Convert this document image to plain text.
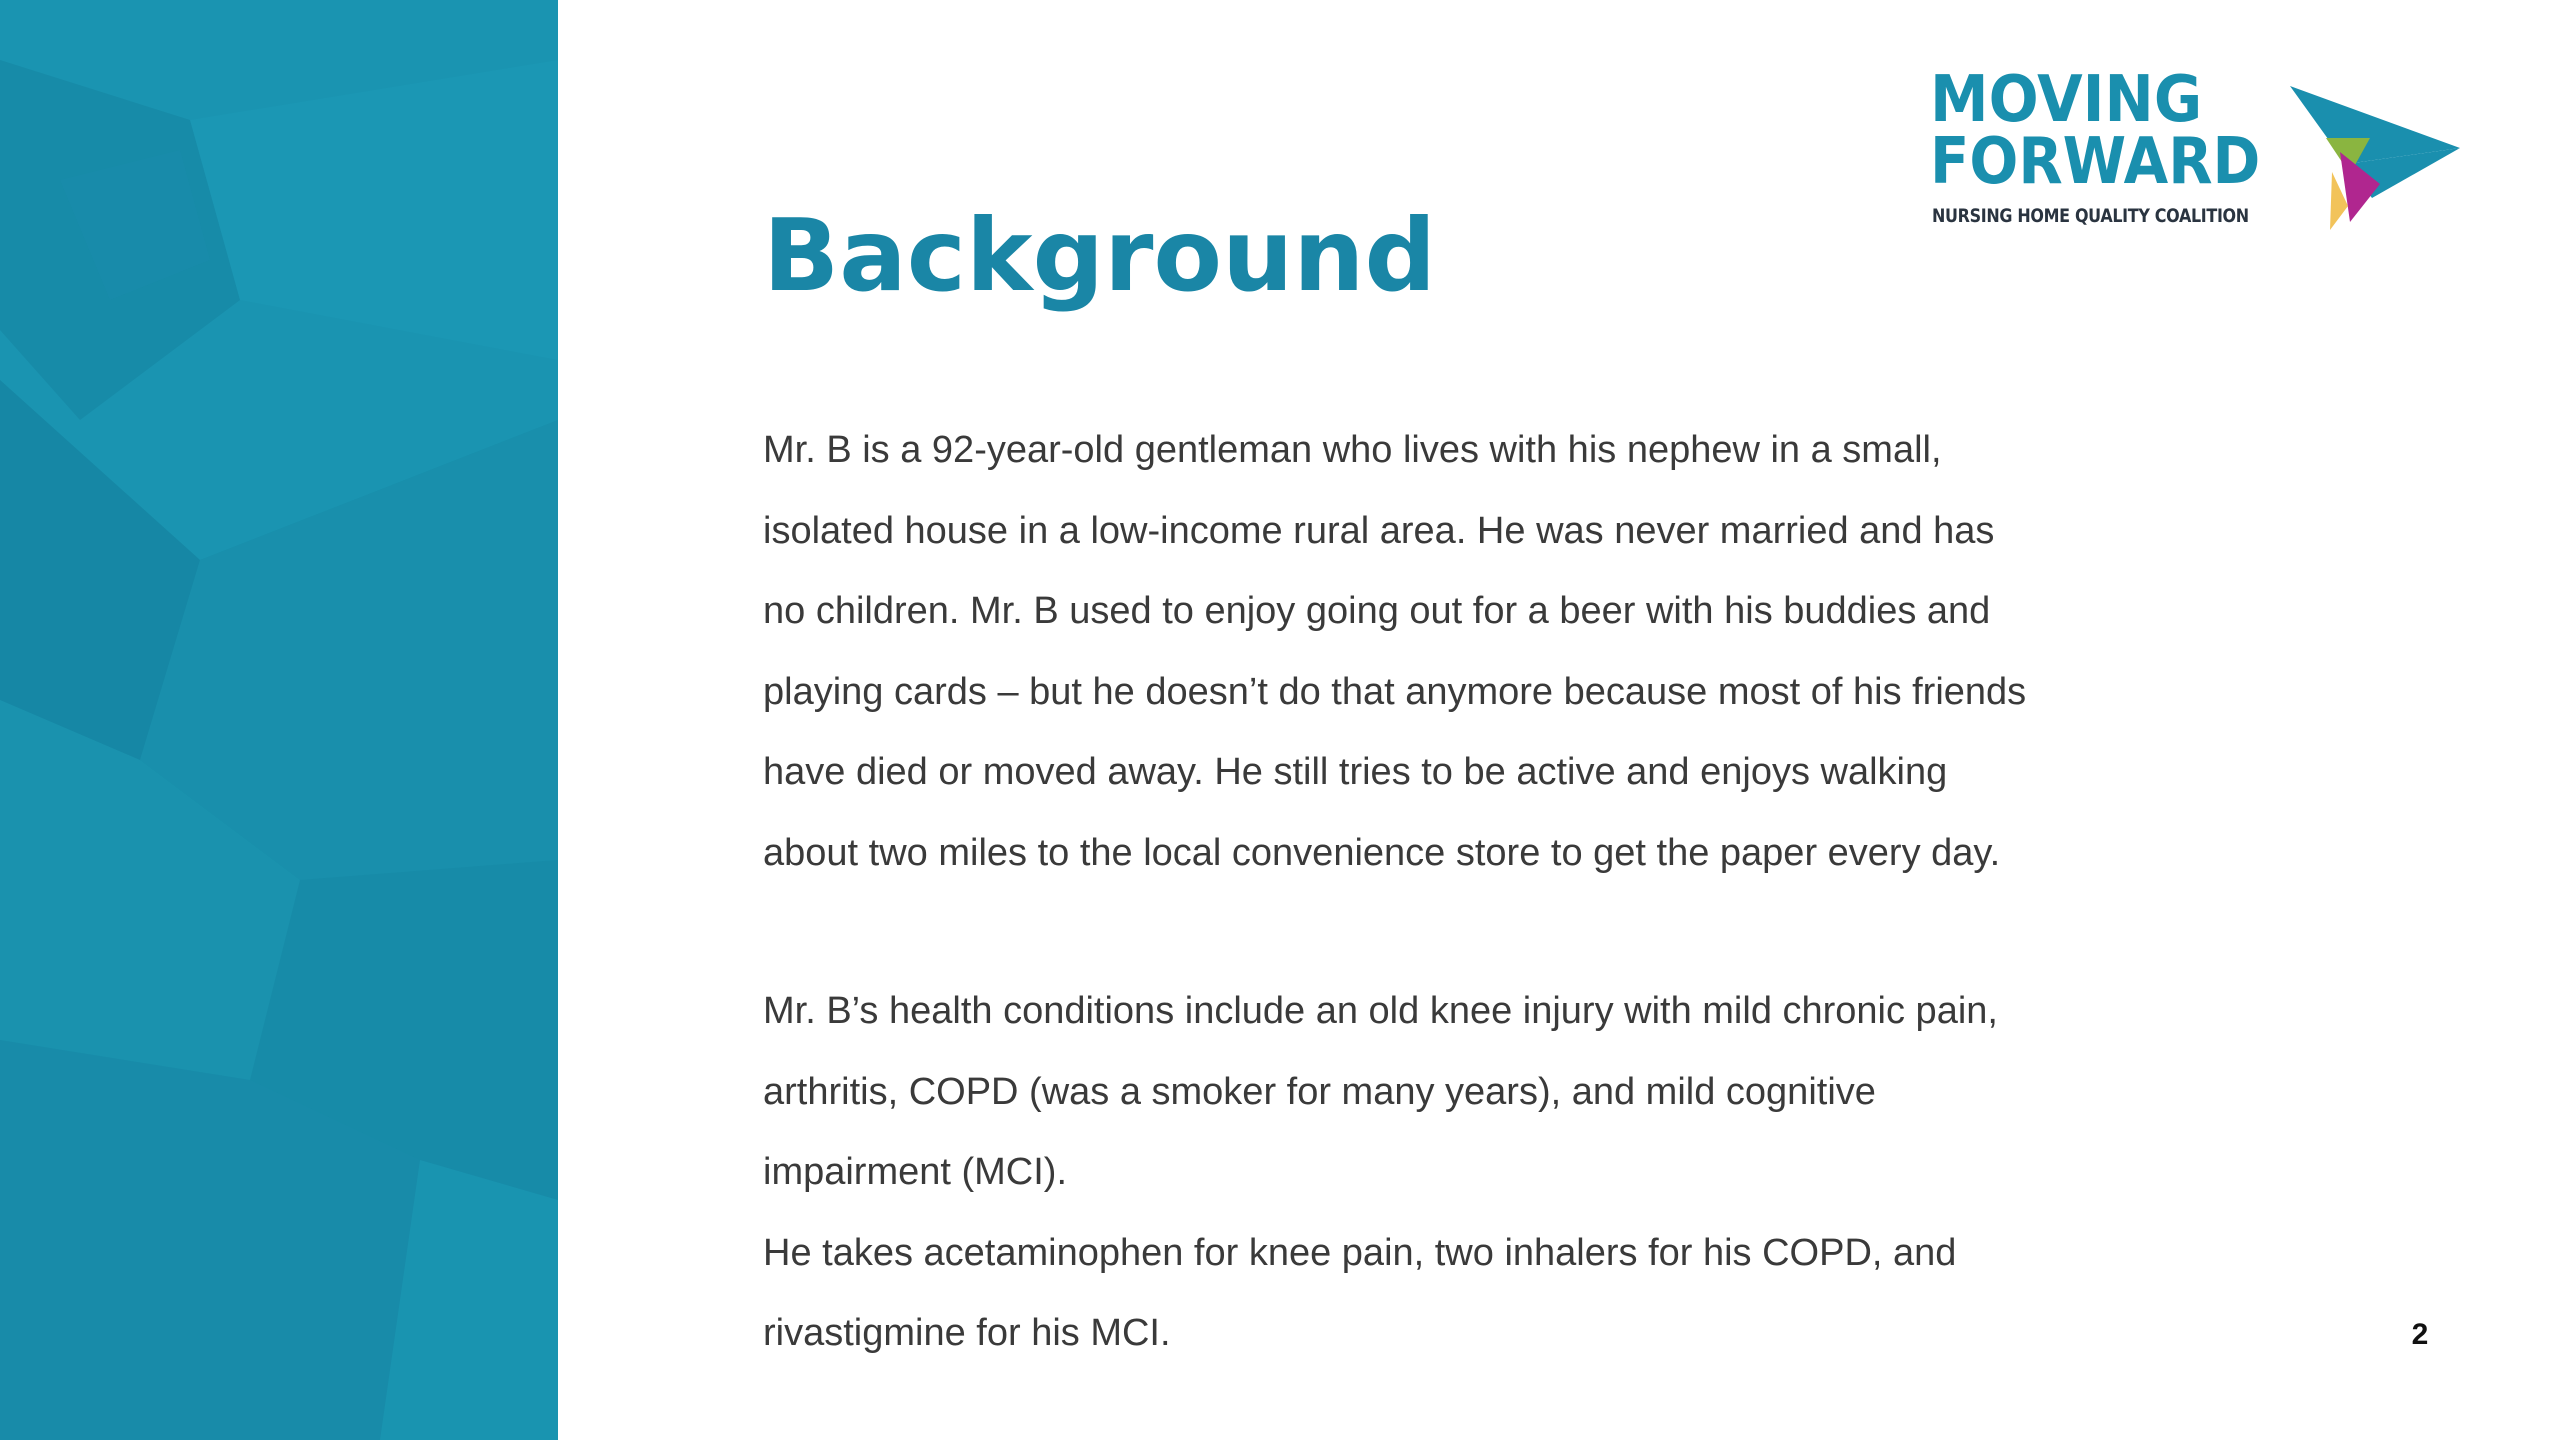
MOVING
FORWARD
NURSING HOME QUALITY COALITION
Background

Mr. B is a 92-year-old gentleman who lives with his nephew in a small,
isolated house in a low-income rural area. He was never married and has
no children. Mr. B used to enjoy going out for a beer with his buddies and
playing cards – but he doesn’t do that anymore because most of his friends
have died or moved away. He still tries to be active and enjoys walking
about two miles to the local convenience store to get the paper every day.

Mr. B’s health conditions include an old knee injury with mild chronic pain,
arthritis, COPD (was a smoker for many years), and mild cognitive
impairment (MCI).

He takes acetaminophen for knee pain, two inhalers for his COPD, and
rivastigmine for his MCI.	2
